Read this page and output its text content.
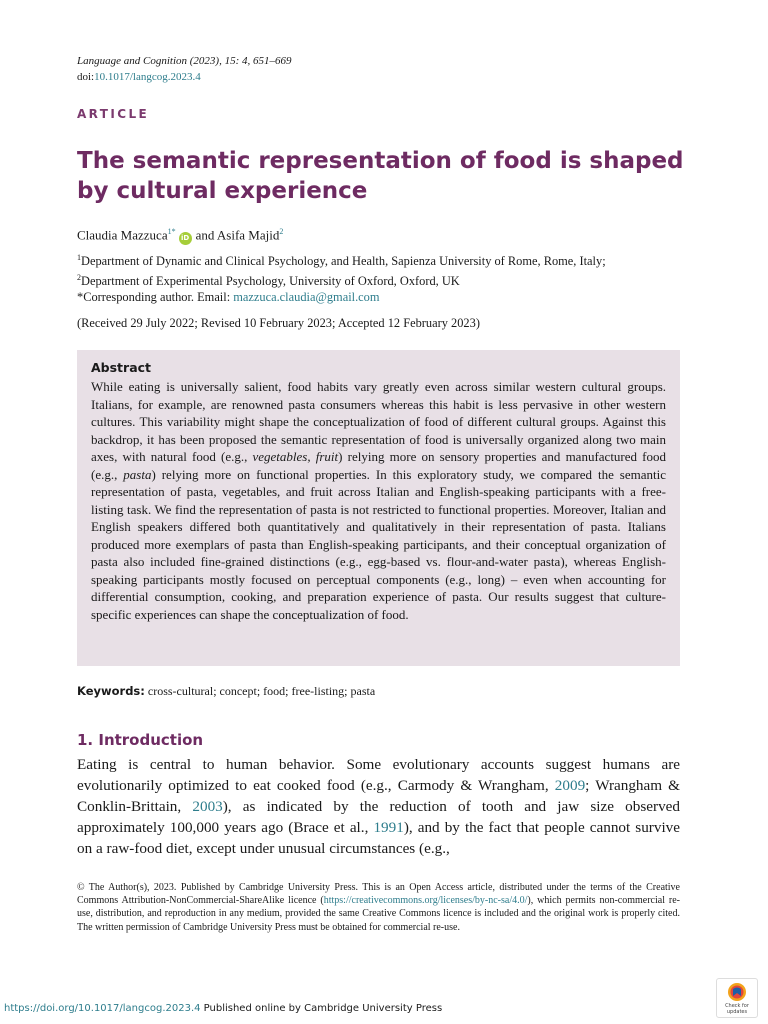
Language and Cognition (2023), 15: 4, 651–669
doi:10.1017/langcog.2023.4
ARTICLE
The semantic representation of food is shaped by cultural experience
Claudia Mazzuca$^{1*}$iD and Asifa Majid$^2$
$^1$Department of Dynamic and Clinical Psychology, and Health, Sapienza University of Rome, Rome, Italy;
$^2$Department of Experimental Psychology, University of Oxford, Oxford, UK
*Corresponding author. Email: mazzuca.claudia@gmail.com
(Received 29 July 2022; Revised 10 February 2023; Accepted 12 February 2023)
Abstract

While eating is universally salient, food habits vary greatly even across similar western cultural groups. Italians, for example, are renowned pasta consumers whereas this habit is less pervasive in other western cultures. This variability might shape the conceptualization of food of different cultural groups. Against this backdrop, it has been proposed the semantic representation of food is universally organized along two main axes, with natural food (e.g., vegetables, fruit) relying more on sensory properties and manufactured food (e.g., pasta) relying more on functional properties. In this exploratory study, we compared the semantic representation of pasta, vegetables, and fruit across Italian and English-speaking participants with a free-listing task. We find the representation of pasta is not restricted to functional properties. Moreover, Italian and English speakers differed both quantitatively and qualitatively in their representation of pasta. Italians produced more exemplars of pasta than English-speaking participants, and their conceptual organization of pasta also included fine-grained distinctions (e.g., egg-based vs. flour-and-water pasta), whereas English-speaking participants mostly focused on perceptual components (e.g., long) – even when accounting for differential consumption, cooking, and preparation experience of pasta. Our results suggest that culture-specific experiences can shape the conceptualization of food.

Keywords: cross-cultural; concept; food; free-listing; pasta
1. Introduction

Eating is central to human behavior. Some evolutionary accounts suggest humans are evolutionarily optimized to eat cooked food (e.g., Carmody & Wrangham, 2009; Wrangham & Conklin-Brittain, 2003), as indicated by the reduction of tooth and jaw size observed approximately 100,000 years ago (Brace et al., 1991), and by the fact that people cannot survive on a raw-food diet, except under unusual circumstances (e.g.,

© The Author(s), 2023. Published by Cambridge University Press. This is an Open Access article, distributed under the terms of the Creative Commons Attribution-NonCommercial-ShareAlike licence (https://creativecommons.org/licenses/by-nc-sa/4.0/), which permits non-commercial re-use, distribution, and reproduction in any medium, provided the same Creative Commons licence is included and the original work is properly cited. The written permission of Cambridge University Press must be obtained for commercial re-use.

https://doi.org/10.1017/langcog.2023.4 Published online by Cambridge University Press	Check for
updates
